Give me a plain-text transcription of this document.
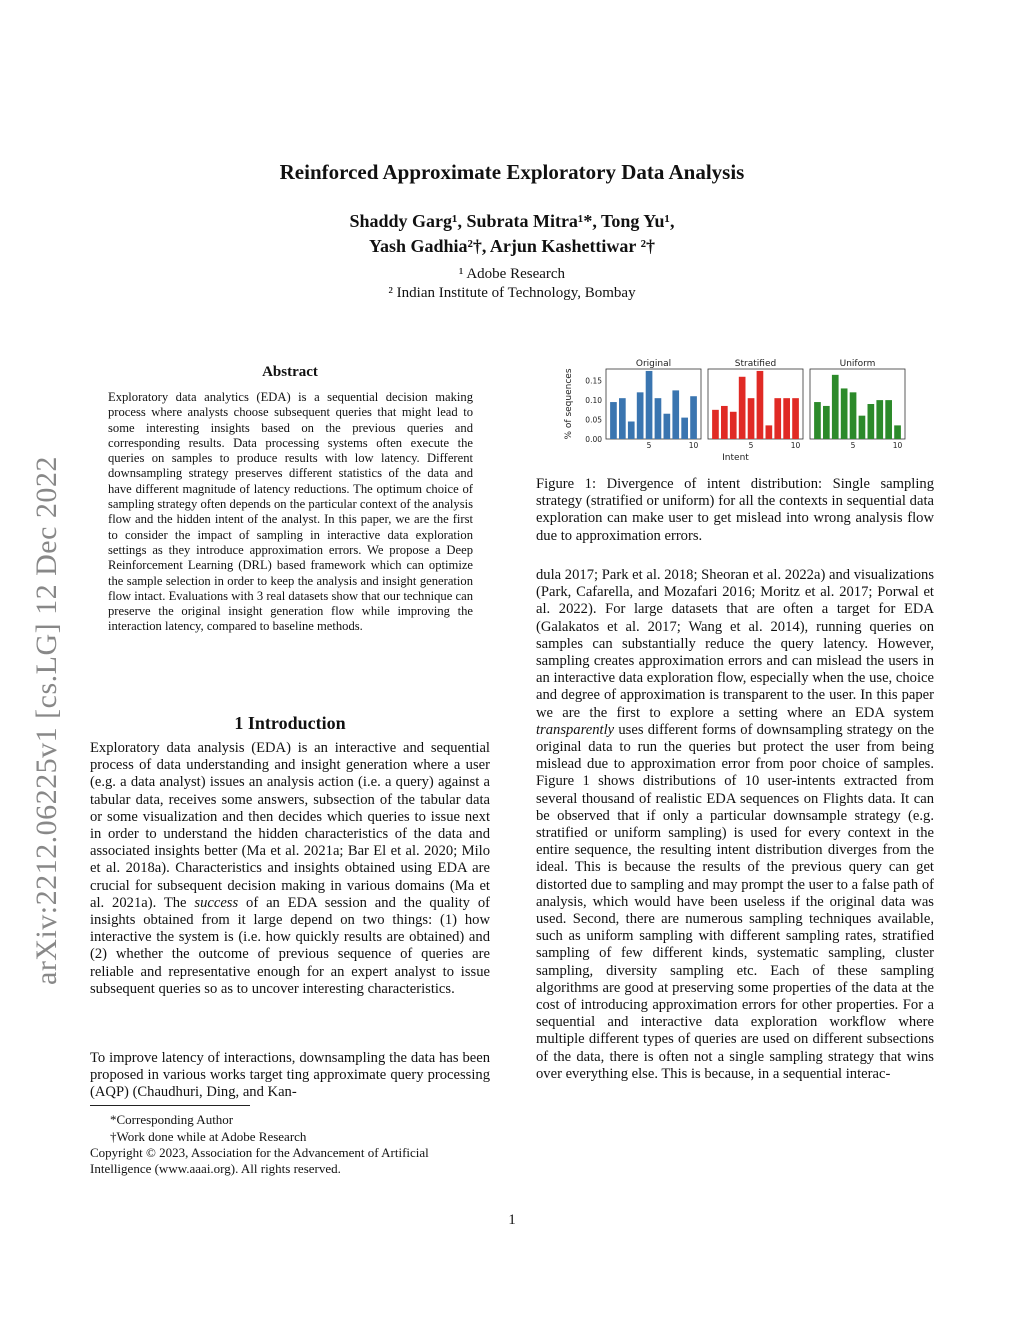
Reinforced Approximate Exploratory Data Analysis
Shaddy Garg¹, Subrata Mitra¹*, Tong Yu¹,
Yash Gadhia²†, Arjun Kashettiwar ²†
¹ Adobe Research
² Indian Institute of Technology, Bombay
arXiv:2212.06225v1 [cs.LG] 12 Dec 2022
Abstract
Exploratory data analytics (EDA) is a sequential decision making process where analysts choose subsequent queries that might lead to some interesting insights based on the previous queries and corresponding results. Data processing systems often execute the queries on samples to produce results with low latency. Different downsampling strategy preserves different statistics of the data and have different magnitude of latency reductions. The optimum choice of sampling strategy often depends on the particular context of the analysis flow and the hidden intent of the analyst. In this paper, we are the first to consider the impact of sampling in interactive data exploration settings as they introduce approximation errors. We propose a Deep Reinforcement Learning (DRL) based framework which can optimize the sample selection in order to keep the analysis and insight generation flow intact. Evaluations with 3 real datasets show that our technique can preserve the original insight generation flow while improving the interaction latency, compared to baseline methods.
1 Introduction

Exploratory data analysis (EDA) is an interactive and sequential process of data understanding and insight generation where a user (e.g. a data analyst) issues an analysis action (i.e. a query) against a tabular data, receives some answers, subsection of the tabular data or some visualization and then decides which queries to issue next in order to understand the hidden characteristics of the data and associated insights better (Ma et al. 2021a; Bar El et al. 2020; Milo et al. 2018a). Characteristics and insights obtained using EDA are crucial for subsequent decision making in various domains (Ma et al. 2021a). The success of an EDA session and the quality of insights obtained from it large depend on two things: (1) how interactive the system is (i.e. how quickly results are obtained) and (2) whether the outcome of previous sequence of queries are reliable and representative enough for an expert analyst to issue subsequent queries so as to uncover interesting characteristics.

To improve latency of interactions, downsampling the data has been proposed in various works target ting approximate query processing (AQP) (Chaudhuri, Ding, and Kan-

*Corresponding Author
†Work done while at Adobe Research
Copyright © 2023, Association for the Advancement of Artificial Intelligence (www.aaai.org). All rights reserved.
% of sequences 0.00
0.05
0.10
0.15
Original
5	10
Stratified
5	10
Uniform
5	10
Intent

Figure 1: Divergence of intent distribution: Single sampling strategy (stratified or uniform) for all the contexts in sequential data exploration can make user to get mislead into wrong analysis flow due to approximation errors.

dula 2017; Park et al. 2018; Sheoran et al. 2022a) and visualizations (Park, Cafarella, and Mozafari 2016; Moritz et al. 2017; Porwal et al. 2022). For large datasets that are often a target for EDA (Galakatos et al. 2017; Wang et al. 2014), running queries on samples can substantially reduce the query latency. However, sampling creates approximation errors and can mislead the users in an interactive data exploration flow, especially when the use, choice and degree of approximation is transparent to the user. In this paper we are the first to explore a setting where an EDA system transparently uses different forms of downsampling strategy on the original data to run the queries but protect the user from being mislead due to approximation error from poor choice of samples. Figure 1 shows distributions of 10 user-intents extracted from several thousand of realistic EDA sequences on Flights data. It can be observed that if only a particular downsample strategy (e.g. stratified or uniform sampling) is used for every context in the entire sequence, the resulting intent distribution diverges from the ideal. This is because the results of the previous query can get distorted due to sampling and may prompt the user to a false path of analysis, which would have been useless if the original data was used. Second, there are numerous sampling techniques available, such as uniform sampling with different sampling rates, stratified sampling of few different kinds, systematic sampling, cluster sampling, diversity sampling etc. Each of these sampling algorithms are good at preserving some properties of the data at the cost of introducing approximation errors for other properties. For a sequential and interactive data exploration workflow where multiple different types of queries are used on different subsections of the data, there is often not a single sampling strategy that wins over everything else. This is because, in a sequential interac-

1
